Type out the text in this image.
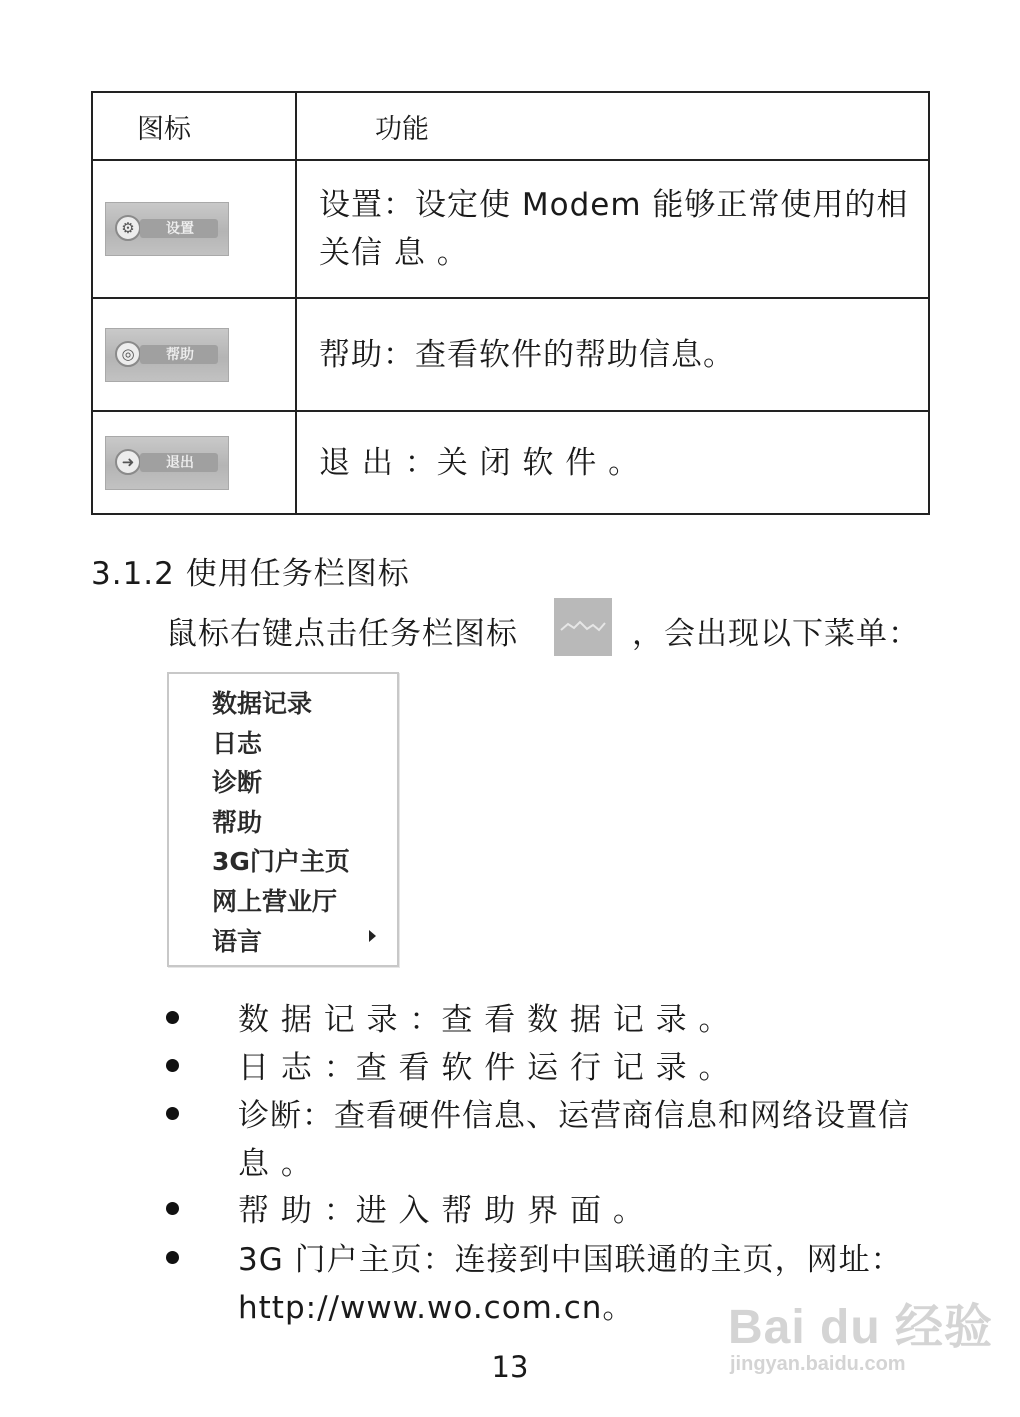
图标	功能

⚙ 设置	设置：设定使 Modem 能够正常使用的相关信 息 。

◎ 帮助	帮助：查看软件的帮助信息。

➜ 退出	退 出 ：关 闭 软 件 。
3.1.2 使用任务栏图标
鼠标右键点击任务栏图标	，会出现以下菜单：
数据记录
日志
诊断
帮助
3G门户主页
网上营业厅
语言
数 据 记 录 ：查 看 数 据 记 录 。
日 志 ：查 看 软 件 运 行 记 录 。
诊断：查看硬件信息、运营商信息和网络设置信 息 。
帮 助 ：进 入 帮 助 界 面 。
3G 门户主页：连接到中国联通的主页，网址：http://www.wo.com.cn。
13
Bai du 经验
jingyan.baidu.com
